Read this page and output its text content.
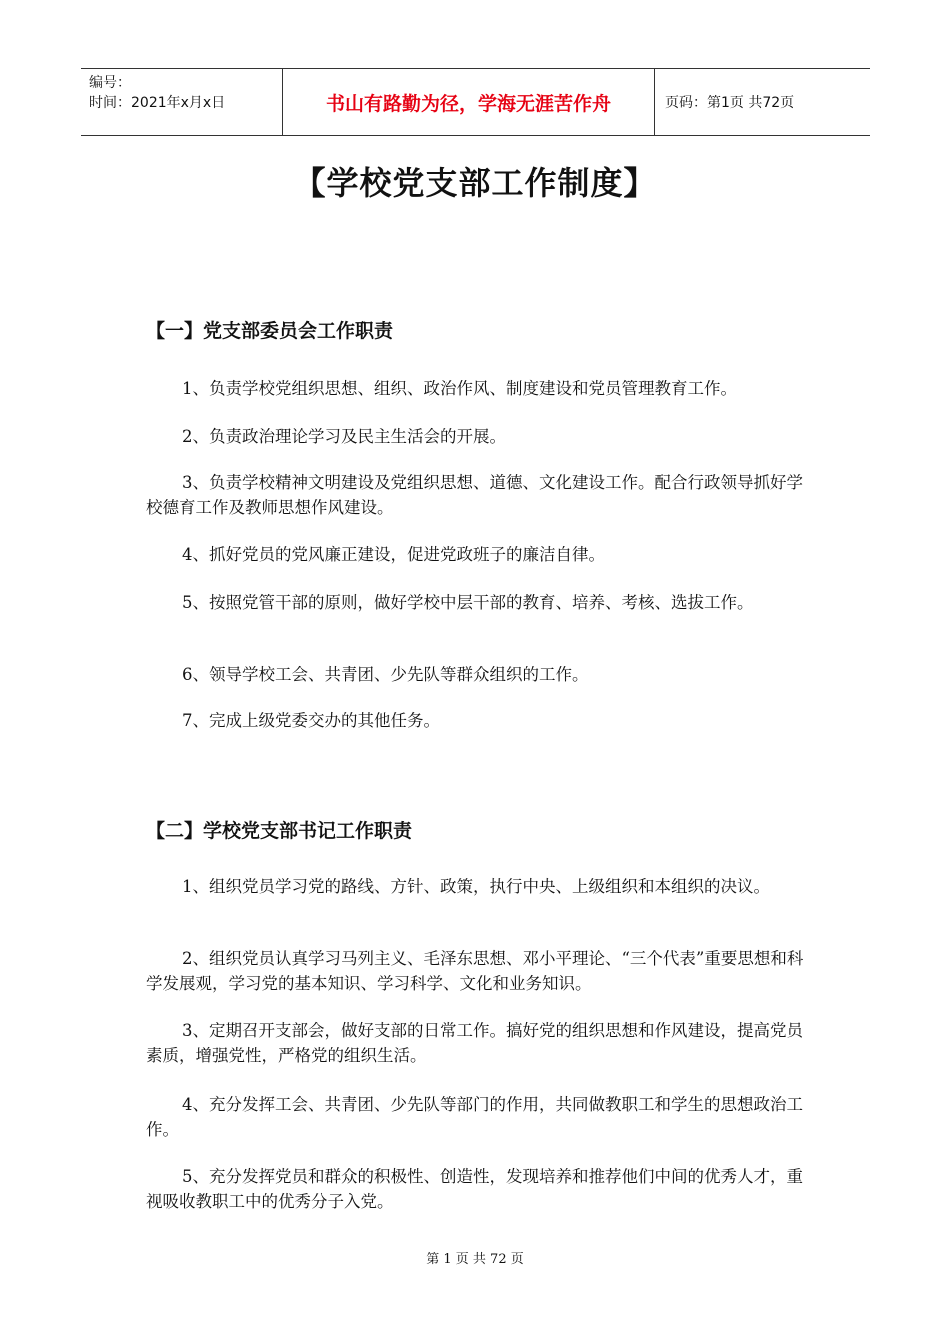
编号：
时间：2021年x月x日	书山有路勤为径，学海无涯苦作舟	页码：第1页 共72页
【学校党支部工作制度】
【一】党支部委员会工作职责

1、负责学校党组织思想、组织、政治作风、制度建设和党员管理教育工作。

2、负责政治理论学习及民主生活会的开展。

3、负责学校精神文明建设及党组织思想、道德、文化建设工作。配合行政领导抓好学校德育工作及教师思想作风建设。

4、抓好党员的党风廉正建设，促进党政班子的廉洁自律。

5、按照党管干部的原则，做好学校中层干部的教育、培养、考核、选拔工作。

6、领导学校工会、共青团、少先队等群众组织的工作。

7、完成上级党委交办的其他任务。

【二】学校党支部书记工作职责

1、组织党员学习党的路线、方针、政策，执行中央、上级组织和本组织的决议。

2、组织党员认真学习马列主义、毛泽东思想、邓小平理论、“三个代表”重要思想和科学发展观，学习党的基本知识、学习科学、文化和业务知识。

3、定期召开支部会，做好支部的日常工作。搞好党的组织思想和作风建设，提高党员素质，增强党性，严格党的组织生活。

4、充分发挥工会、共青团、少先队等部门的作用，共同做教职工和学生的思想政治工作。

5、充分发挥党员和群众的积极性、创造性，发现培养和推荐他们中间的优秀人才，重视吸收教职工中的优秀分子入党。

第 1 页 共 72 页
